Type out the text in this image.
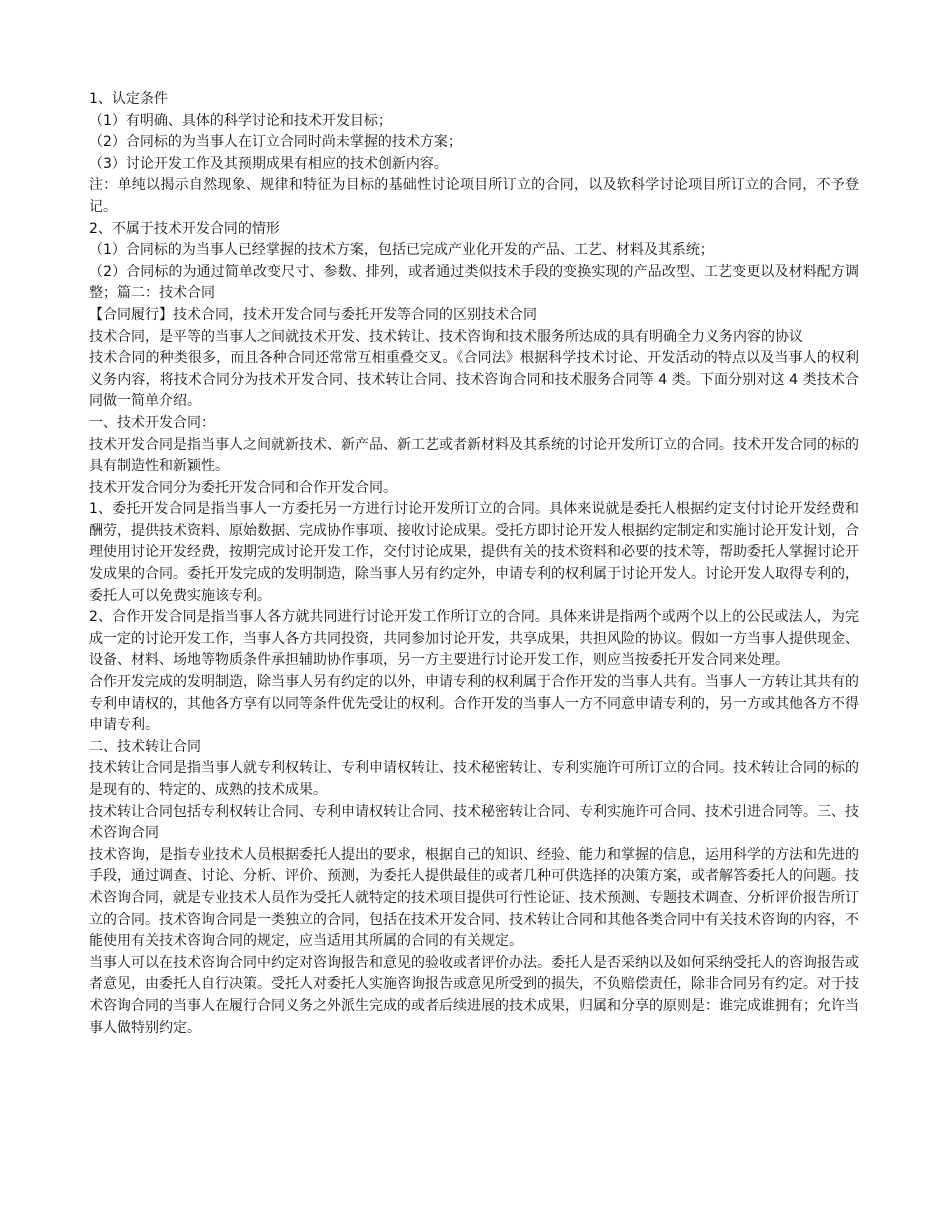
1、认定条件

（1）有明确、具体的科学讨论和技术开发目标；

（2）合同标的为当事人在订立合同时尚未掌握的技术方案；

（3）讨论开发工作及其预期成果有相应的技术创新内容。

注：单纯以揭示自然现象、规律和特征为目标的基础性讨论项目所订立的合同，以及软科学讨论项目所订立的合同，不予登记。

2、不属于技术开发合同的情形

（1）合同标的为当事人已经掌握的技术方案，包括已完成产业化开发的产品、工艺、材料及其系统；

（2）合同标的为通过简单改变尺寸、参数、排列，或者通过类似技术手段的变换实现的产品改型、工艺变更以及材料配方调整；篇二：技术合同

【合同履行】技术合同，技术开发合同与委托开发等合同的区别技术合同

技术合同，是平等的当事人之间就技术开发、技术转让、技术咨询和技术服务所达成的具有明确全力义务内容的协议

技术合同的种类很多，而且各种合同还常常互相重叠交叉。《合同法》根据科学技术讨论、开发活动的特点以及当事人的权利义务内容，将技术合同分为技术开发合同、技术转让合同、技术咨询合同和技术服务合同等 4 类。下面分别对这 4 类技术合同做一简单介绍。

一、技术开发合同：

技术开发合同是指当事人之间就新技术、新产品、新工艺或者新材料及其系统的讨论开发所订立的合同。技术开发合同的标的具有制造性和新颖性。

技术开发合同分为委托开发合同和合作开发合同。

1、委托开发合同是指当事人一方委托另一方进行讨论开发所订立的合同。具体来说就是委托人根据约定支付讨论开发经费和酬劳，提供技术资料、原始数据、完成协作事项、接收讨论成果。受托方即讨论开发人根据约定制定和实施讨论开发计划，合理使用讨论开发经费，按期完成讨论开发工作，交付讨论成果，提供有关的技术资料和必要的技术等，帮助委托人掌握讨论开发成果的合同。委托开发完成的发明制造，除当事人另有约定外，申请专利的权利属于讨论开发人。讨论开发人取得专利的，委托人可以免费实施该专利。

2、合作开发合同是指当事人各方就共同进行讨论开发工作所订立的合同。具体来讲是指两个或两个以上的公民或法人，为完成一定的讨论开发工作，当事人各方共同投资，共同参加讨论开发，共享成果，共担风险的协议。假如一方当事人提供现金、设备、材料、场地等物质条件承担辅助协作事项，另一方主要进行讨论开发工作，则应当按委托开发合同来处理。

合作开发完成的发明制造，除当事人另有约定的以外，申请专利的权利属于合作开发的当事人共有。当事人一方转让其共有的专利申请权的，其他各方享有以同等条件优先受让的权利。合作开发的当事人一方不同意申请专利的，另一方或其他各方不得申请专利。

二、技术转让合同

技术转让合同是指当事人就专利权转让、专利申请权转让、技术秘密转让、专利实施许可所订立的合同。技术转让合同的标的是现有的、特定的、成熟的技术成果。

技术转让合同包括专利权转让合同、专利申请权转让合同、技术秘密转让合同、专利实施许可合同、技术引进合同等。三、技术咨询合同

技术咨询，是指专业技术人员根据委托人提出的要求，根据自己的知识、经验、能力和掌握的信息，运用科学的方法和先进的手段，通过调查、讨论、分析、评价、预测，为委托人提供最佳的或者几种可供选择的决策方案，或者解答委托人的问题。技术咨询合同，就是专业技术人员作为受托人就特定的技术项目提供可行性论证、技术预测、专题技术调查、分析评价报告所订立的合同。技术咨询合同是一类独立的合同，包括在技术开发合同、技术转让合同和其他各类合同中有关技术咨询的内容，不能使用有关技术咨询合同的规定，应当适用其所属的合同的有关规定。

当事人可以在技术咨询合同中约定对咨询报告和意见的验收或者评价办法。委托人是否采纳以及如何采纳受托人的咨询报告或者意见，由委托人自行决策。受托人对委托人实施咨询报告或意见所受到的损失，不负赔偿责任，除非合同另有约定。对于技术咨询合同的当事人在履行合同义务之外派生完成的或者后续进展的技术成果，归属和分享的原则是：谁完成谁拥有；允许当事人做特别约定。
